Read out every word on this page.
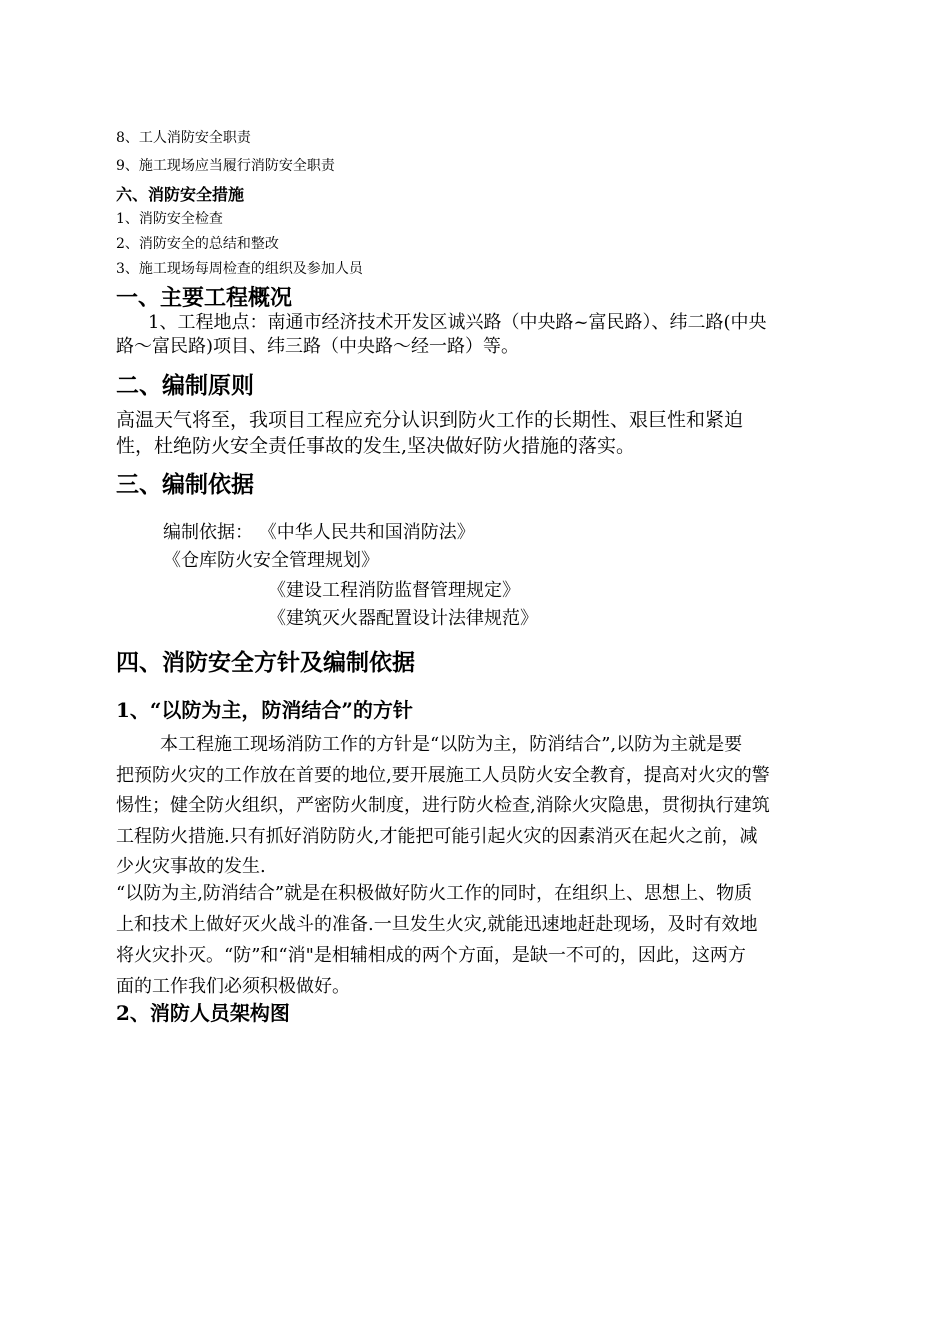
8、工人消防安全职责
9、施工现场应当履行消防安全职责
六、消防安全措施
1、消防安全检查
2、消防安全的总结和整改
3、施工现场每周检查的组织及参加人员
一、主要工程概况
1、工程地点：南通市经济技术开发区诚兴路（中央路~富民路）、纬二路(中央
路～富民路)项目、纬三路（中央路～经一路）等。
二、编制原则
高温天气将至，我项目工程应充分认识到防火工作的长期性、艰巨性和紧迫
性，杜绝防火安全责任事故的发生,坚决做好防火措施的落实。
三、编制依据
编制依据： 《中华人民共和国消防法》
《仓库防火安全管理规划》
《建设工程消防监督管理规定》
《建筑灭火器配置设计法律规范》
四、消防安全方针及编制依据
1、“以防为主，防消结合”的方针
本工程施工现场消防工作的方针是“以防为主，防消结合”,以防为主就是要
把预防火灾的工作放在首要的地位,要开展施工人员防火安全教育，提高对火灾的警
惕性；健全防火组织，严密防火制度，进行防火检查,消除火灾隐患，贯彻执行建筑
工程防火措施.只有抓好消防防火,才能把可能引起火灾的因素消灭在起火之前，减
少火灾事故的发生.
“以防为主,防消结合”就是在积极做好防火工作的同时，在组织上、思想上、物质
上和技术上做好灭火战斗的准备.一旦发生火灾,就能迅速地赶赴现场，及时有效地
将火灾扑灭。“防”和“消"是相辅相成的两个方面，是缺一不可的，因此，这两方
面的工作我们必须积极做好。
2、消防人员架构图
